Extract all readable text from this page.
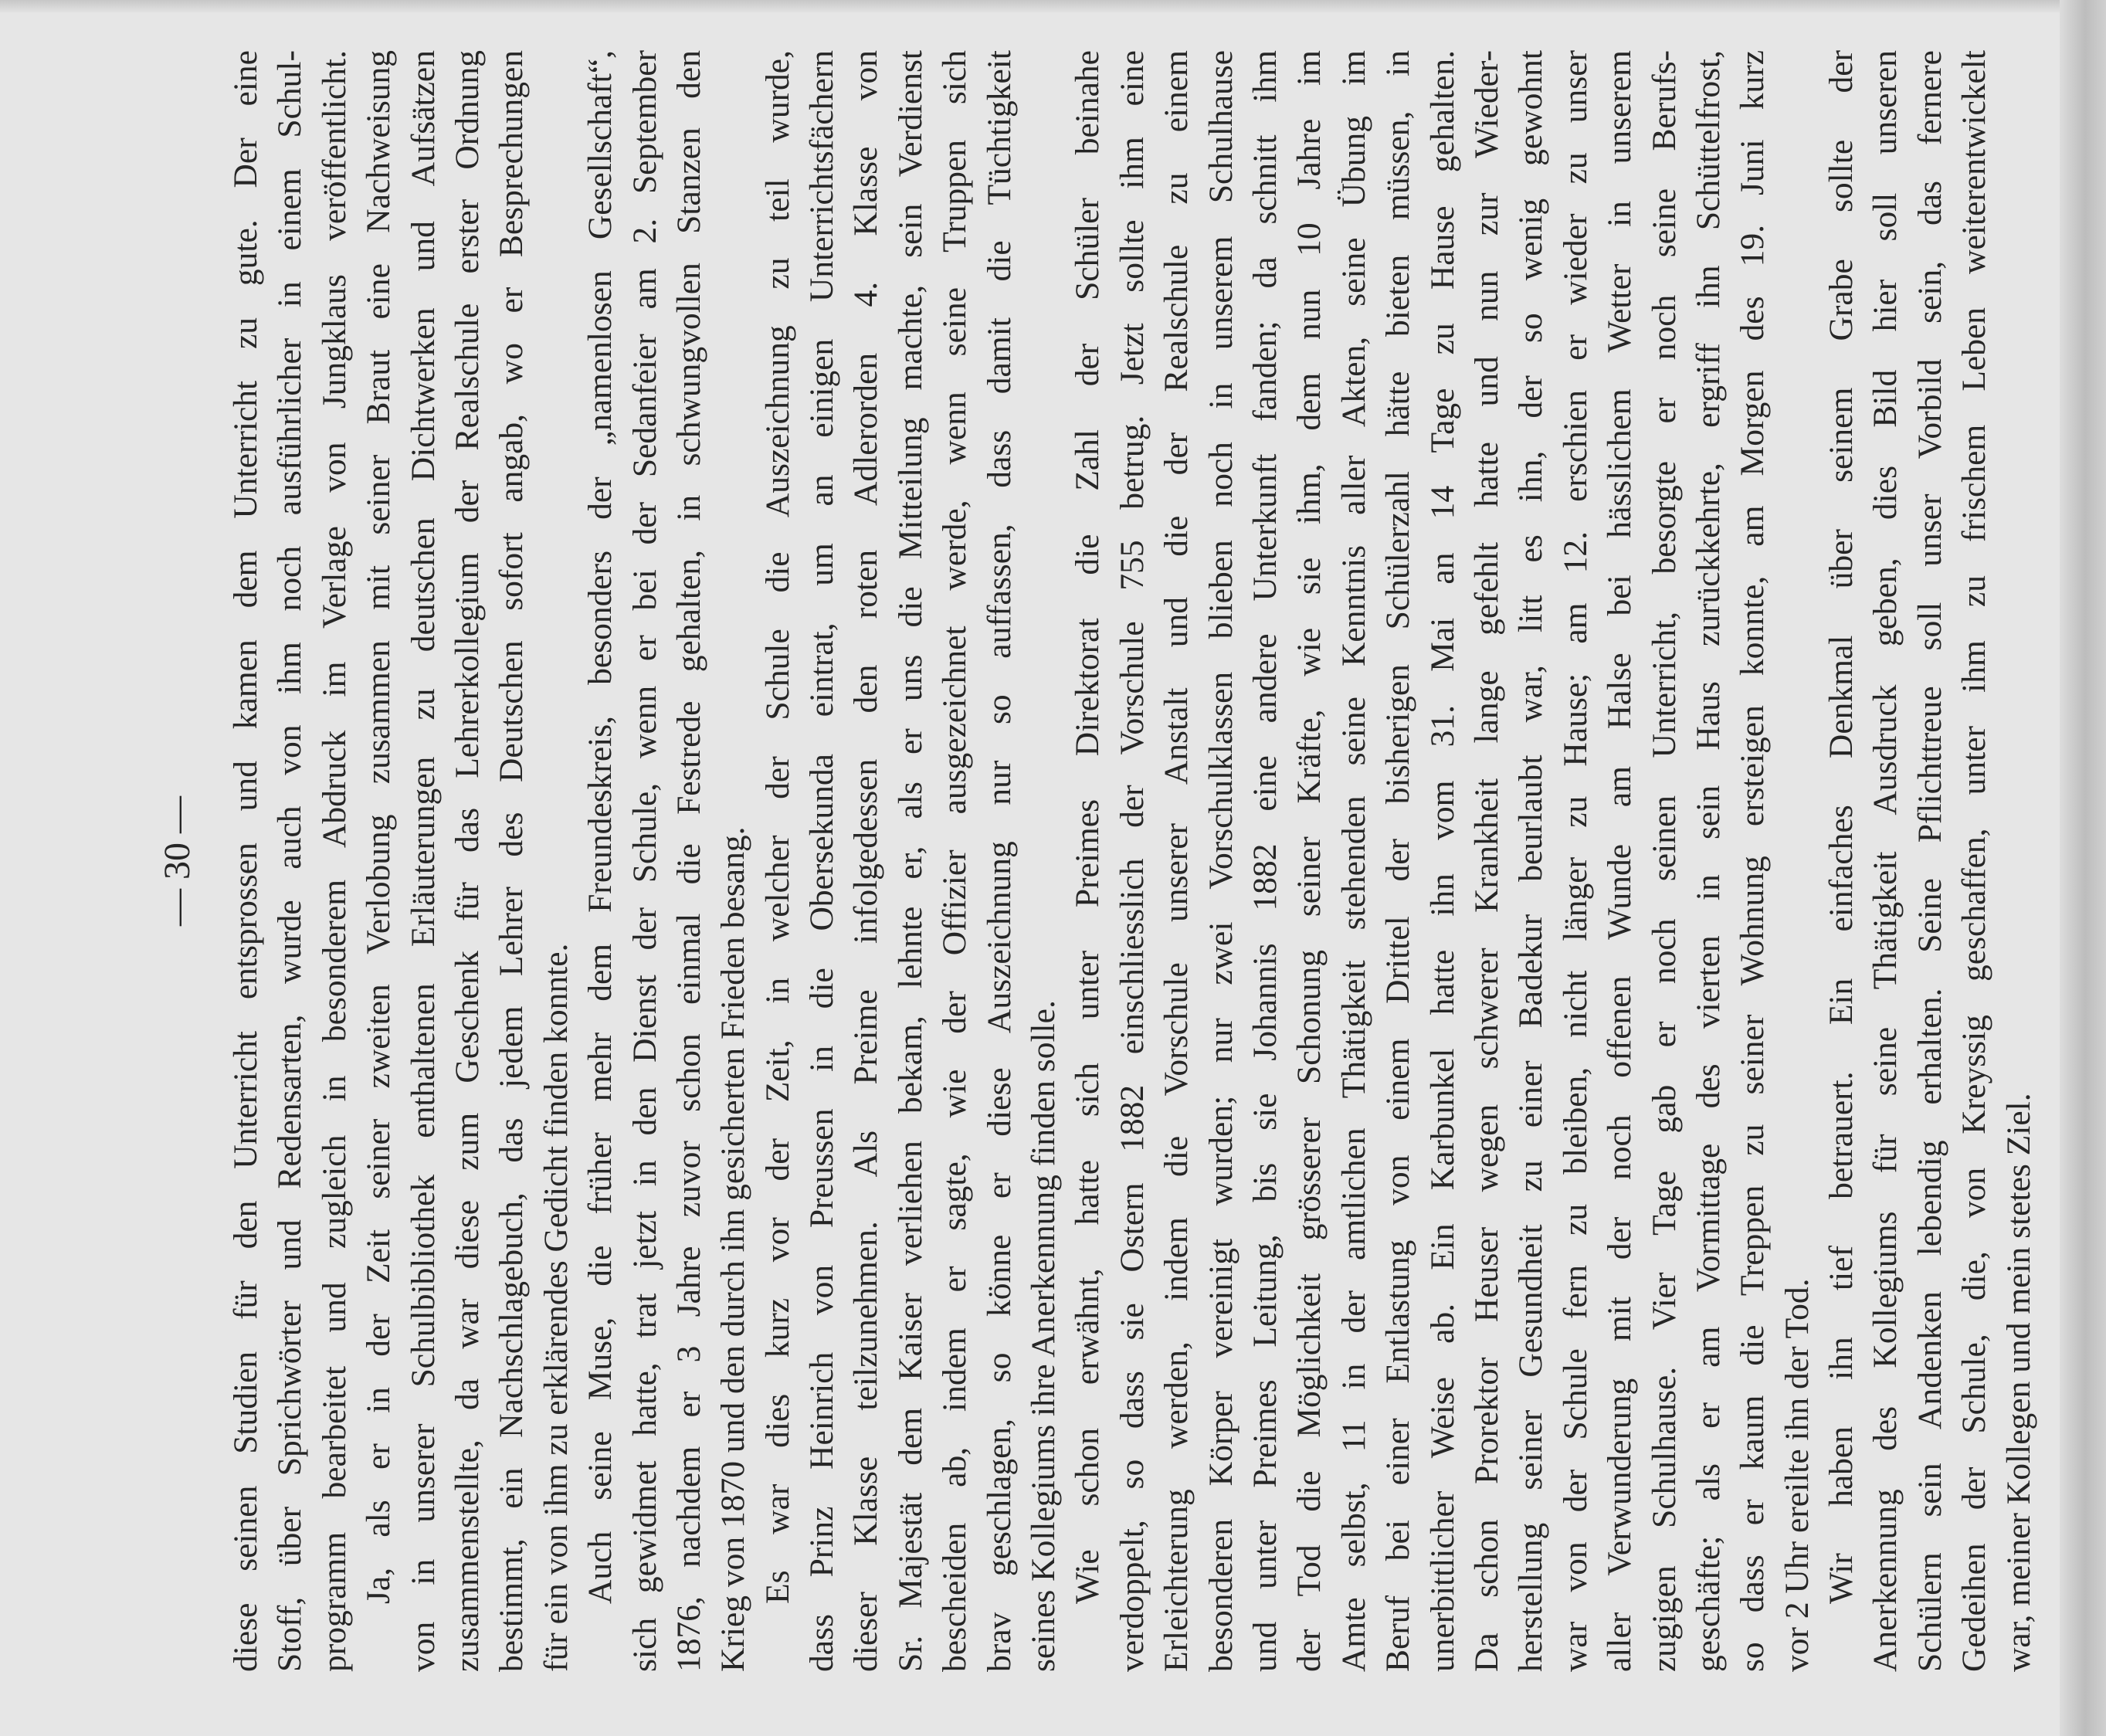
— 30 — diese seinen Studien für den Unterricht entsprossen und kamen dem Unterricht zu gute. Der eine Stoff, über Sprichwörter und Redensarten, wurde auch von ihm noch ausführlicher in einem Schul- programm bearbeitet und zugleich in besonderem Abdruck im Verlage von Jungklaus veröffentlicht. Ja, als er in der Zeit seiner zweiten Verlobung zusammen mit seiner Braut eine Nachweisung von in unserer Schulbibliothek enthaltenen Erläuterungen zu deutschen Dichtwerken und Aufsätzen zusammenstellte, da war diese zum Geschenk für das Lehrerkollegium der Realschule erster Ordnung bestimmt, ein Nachschlagebuch, das jedem Lehrer des Deutschen sofort angab, wo er Besprechungen für ein von ihm zu erklärendes Gedicht finden konnte. Auch seine Muse, die früher mehr dem Freundeskreis, besonders der „namenlosen Gesellschaft“, sich gewidmet hatte, trat jetzt in den Dienst der Schule, wenn er bei der Sedanfeier am 2. September 1876, nachdem er 3 Jahre zuvor schon einmal die Festrede gehalten, in schwungvollen Stanzen den Krieg von 1870 und den durch ihn gesicherten Frieden besang. Es war dies kurz vor der Zeit, in welcher der Schule die Auszeichnung zu teil wurde, dass Prinz Heinrich von Preussen in die Obersekunda eintrat, um an einigen Unterrichtsfächern dieser Klasse teilzunehmen. Als Preime infolgedessen den roten Adlerorden 4. Klasse von Sr. Majestät dem Kaiser verliehen bekam, lehnte er, als er uns die Mitteilung machte, sein Verdienst bescheiden ab, indem er sagte, wie der Offizier ausgezeichnet werde, wenn seine Truppen sich brav geschlagen, so könne er diese Auszeichnung nur so auffassen, dass damit die Tüchtigkeit seines Kollegiums ihre Anerkennung finden solle. Wie schon erwähnt, hatte sich unter Preimes Direktorat die Zahl der Schüler beinahe verdoppelt, so dass sie Ostern 1882 einschliesslich der Vorschule 755 betrug. Jetzt sollte ihm eine Erleichterung werden, indem die Vorschule unserer Anstalt und die der Realschule zu einem besonderen Körper vereinigt wurden; nur zwei Vorschulklassen blieben noch in unserem Schulhause und unter Preimes Leitung, bis sie Johannis 1882 eine andere Unterkunft fanden; da schnitt ihm der Tod die Möglichkeit grösserer Schonung seiner Kräfte, wie sie ihm, dem nun 10 Jahre im Amte selbst, 11 in der amtlichen Thätigkeit stehenden seine Kenntnis aller Akten, seine Übung im Beruf bei einer Entlastung von einem Drittel der bisherigen Schülerzahl hätte bieten müssen, in unerbittlicher Weise ab. Ein Karbunkel hatte ihn vom 31. Mai an 14 Tage zu Hause gehalten. Da schon Prorektor Heuser wegen schwerer Krankheit lange gefehlt hatte und nun zur Wieder- herstellung seiner Gesundheit zu einer Badekur beurlaubt war, litt es ihn, der so wenig gewohnt war von der Schule fern zu bleiben, nicht länger zu Hause; am 12. erschien er wieder zu unser aller Verwunderung mit der noch offenen Wunde am Halse bei hässlichem Wetter in unserem zugigen Schulhause. Vier Tage gab er noch seinen Unterricht, besorgte er noch seine Berufs- geschäfte; als er am Vormittage des vierten in sein Haus zurückkehrte, ergriff ihn Schüttelfrost, so dass er kaum die Treppen zu seiner Wohnung ersteigen konnte, am Morgen des 19. Juni kurz vor 2 Uhr ereilte ihn der Tod. Wir haben ihn tief betrauert. Ein einfaches Denkmal über seinem Grabe sollte der Anerkennung des Kollegiums für seine Thätigkeit Ausdruck geben, dies Bild hier soll unseren Schülern sein Andenken lebendig erhalten. Seine Pflichttreue soll unser Vorbild sein, das fernere Gedeihen der Schule, die, von Kreyssig geschaffen, unter ihm zu frischem Leben weiterentwickelt war, meiner Kollegen und mein stetes Ziel.
